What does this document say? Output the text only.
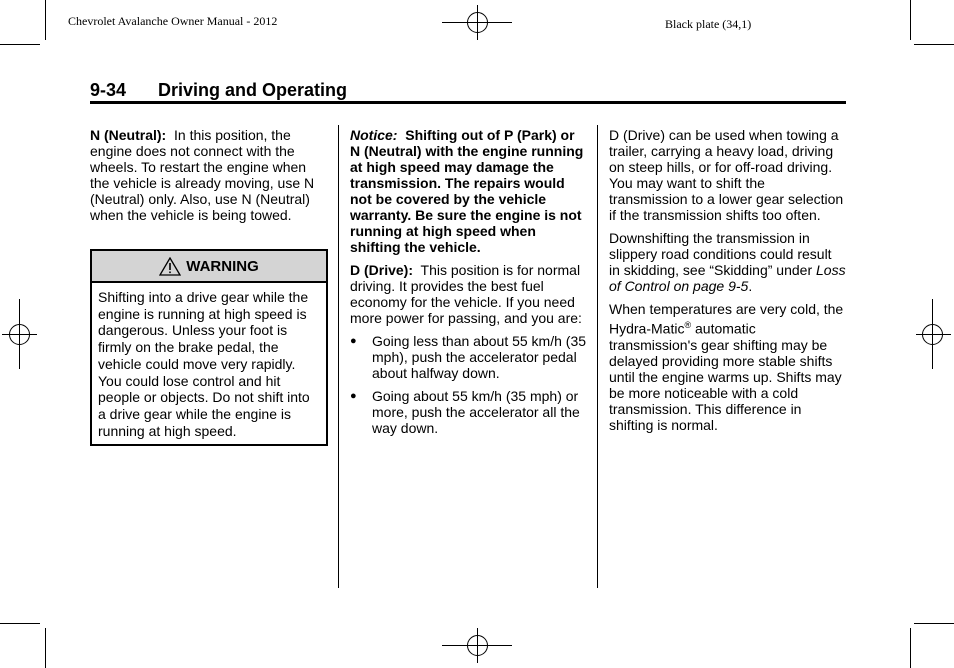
Chevrolet Avalanche Owner Manual - 2012	Black plate (34,1)
9-34 Driving and Operating

N (Neutral): In this position, the engine does not connect with the wheels. To restart the engine when the vehicle is already moving, use N (Neutral) only. Also, use N (Neutral) when the vehicle is being towed.

WARNING
Shifting into a drive gear while the engine is running at high speed is dangerous. Unless your foot is firmly on the brake pedal, the vehicle could move very rapidly. You could lose control and hit people or objects. Do not shift into a drive gear while the engine is running at high speed.

Notice: Shifting out of P (Park) or N (Neutral) with the engine running at high speed may damage the transmission. The repairs would not be covered by the vehicle warranty. Be sure the engine is not running at high speed when shifting the vehicle.

D (Drive): This position is for normal driving. It provides the best fuel economy for the vehicle. If you need more power for passing, and you are:

●	Going less than about 55 km/h (35 mph), push the accelerator pedal about halfway down.
●	Going about 55 km/h (35 mph) or more, push the accelerator all the way down.

D (Drive) can be used when towing a trailer, carrying a heavy load, driving on steep hills, or for off-road driving. You may want to shift the transmission to a lower gear selection if the transmission shifts too often.

Downshifting the transmission in slippery road conditions could result in skidding, see “Skidding” under Loss of Control on page 9-5.

When temperatures are very cold, the Hydra-Matic® automatic transmission's gear shifting may be delayed providing more stable shifts until the engine warms up. Shifts may be more noticeable with a cold transmission. This difference in shifting is normal.
